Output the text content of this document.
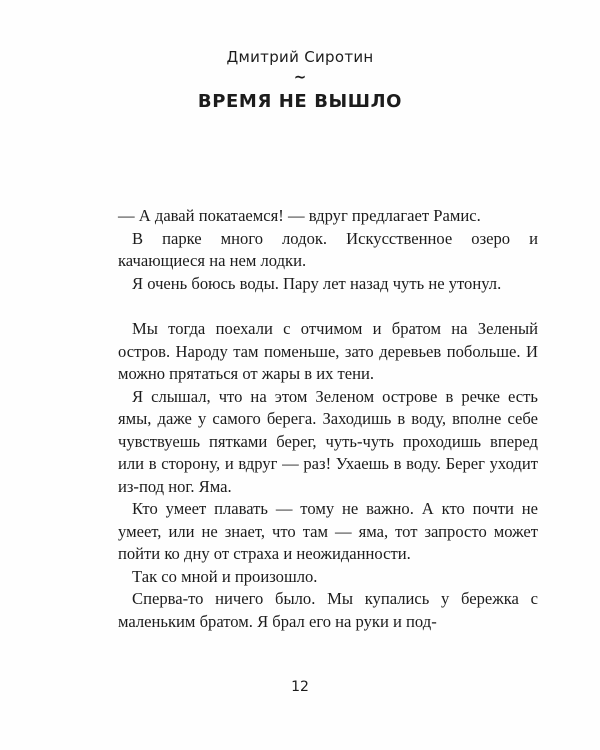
Дмитрий Сиротин
~
ВРЕМЯ НЕ ВЫШЛО

— А давай покатаемся! — вдруг предлагает Рамис.

В парке много лодок. Искусственное озеро и качающиеся на нем лодки.

Я очень боюсь воды. Пару лет назад чуть не утонул.

Мы тогда поехали с отчимом и братом на Зеленый остров. Народу там поменьше, зато деревьев побольше. И можно прятаться от жары в их тени.

Я слышал, что на этом Зеленом острове в речке есть ямы, даже у самого берега. Заходишь в воду, вполне себе чувствуешь пятками берег, чуть-чуть проходишь вперед или в сторону, и вдруг — раз! Ухаешь в воду. Берег уходит из-под ног. Яма.

Кто умеет плавать — тому не важно. А кто почти не умеет, или не знает, что там — яма, тот запросто может пойти ко дну от страха и неожиданности.

Так со мной и произошло.

Сперва-то ничего было. Мы купались у бережка с маленьким братом. Я брал его на руки и под-

12
